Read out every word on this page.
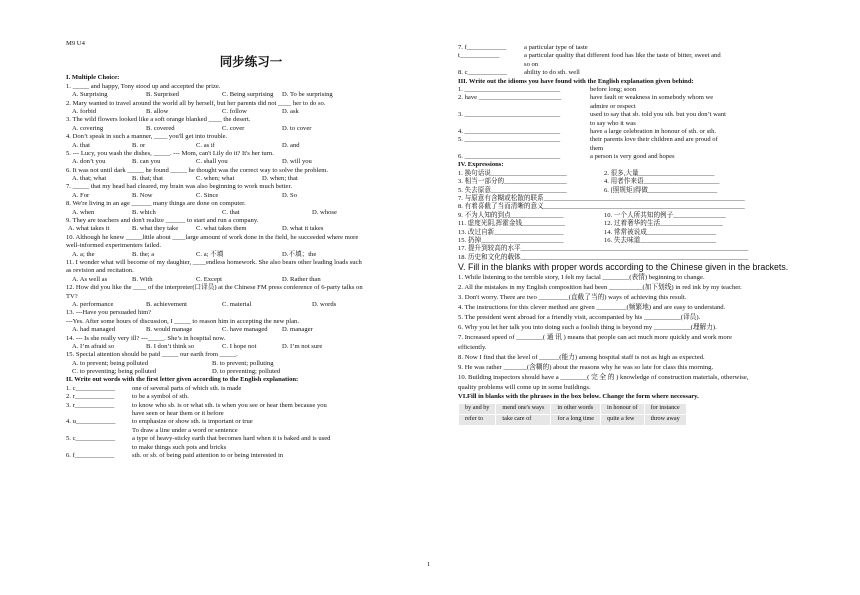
M9 U4
同步练习一
I. Multiple Choice:
1. _____ and happy, Tony stood up and accepted the prize.
A. Surprising	B. Surprised	C. Being surprising D. To be surprising
2. Mary wanted to travel around the world all by herself, but her parents did not ____ her to do so.
A. forbid	B. allow	C. follow	D. ask
3. The wild flowers looked like a soft orange blanked ____ the desert.
A. covering	B. covered	C. cover	D. to cover
4. Don’t speak in such a manner, ____ you'll get into trouble.
A. that	B. or	C. as if	D. and
5. --- Lucy, you wash the dishes, _____. --- Mom, can't Lily do it? It's her turn.
A. don’t you	B. can you	C. shall you	D. will you
6. It was not until dark _____ he found _____ he thought was the correct way to solve the problem.
A. that; what	B. that; that	C. when; what	D. when; that
7. _____ that my head had cleared, my brain was also beginning to work much better.
A. For	B. Now	C. Since	D. So
8. We're living in an age ______ many things are done on computer.
A. when	B. which	C. that	D. whose
9. They are teachers and don't realize ______ to start and run a company.
A. what takes it	B. what they take	C. what takes them	D. what it takes
10. Although he knew _____little about ____large amount of work done in the field, he succeeded where more
well-informed experimenters failed.
A. a; the	B. the; a	C. a; 不填	D.不填；the
11. I wonder what will become of my daughter, ____endless homework. She also bears other leading loads such
as revision and recitation.
A. As well as	B. With	C. Except	D. Rather than
12. How did you like the ____ of the interpreter(口译员) at the Chinese FM press conference of 6-party talks on
TV?
A. performance	B. achievement	C. material	D. words
13. ---Have you persuaded him?
---Yes. After some hours of discussion, I _____ to reason him in accepting the new plan.
A. had managed	B. would manage	C. have managed D. manager
14. --- Is she really very ill? ---_____. She’s in hospital now.
A. I’m afraid so	B. I don’t think so	C. I hope not	D. I’m not sure
15. Special attention should be paid _____ our earth from _____.
A. to prevent; being polluted	B. to prevent; polluting
C. to preventing; being polluted	D. to preventing; polluted
II. Write out words with the first letter given according to the English explanation:
1. c____________	one of several parts of which sth. is made
2. r____________	to be a symbol of sth.
3. r____________	to know who sb. is or what sth. is when you see or hear them because you
have seen or hear them or it before
4. u____________	to emphasize or show sth. is important or true
To draw a line under a word or sentence
5. c____________	a type of heavy-sticky earth that becomes hard when it is baked and is used
to make things such pots and bricks
6. f____________	sth. or sb. of being paid attention to or being interested in
7. f____________	a particular type of taste
t____________	a particular quality that different food has like the taste of bitter, sweet and
so on
8. c____________	ability to do sth. well
III. Write out the idioms you have found with the English explanation given behind:
1. _____________________________	before long; soon
2. have _________________________	have fault or weakness in somebody whom we
admire or respect
3. _____________________________	used to say that sb. told you sth. but you don’t want
to say who it was
4. _____________________________	have a large celebration in honour of sth. or sth.
5. _____________________________	their parents love their children and are proud of
them
6. _____________________________	a person is very good and hopes
IV. Expressions:
1. 换句话说_______________________	2. 很多,大量_______________________
3. 相当一部分的___________________	4. 用者作来语_______________________
5. 失去原意_______________________	6. [照规矩]得做_____________________
7. 与原意有含糊或松散的联系_____________________________________________________________
8. 有着喜截了当而清晰的意义_____________________________________________________________
9. 不为人知的到点________________	10. 一个人所共知的例子________________
11. 虚度光阴,挥霍金钱_____________	12. 过着奢华的生活___________________
13. 改过自新_____________________	14. 常常被说成_____________________
15. 扔掉_________________________	16. 失去味道_______________________
17. 提升到较高的水平_____________________________________________________________________
18. 历史和文化的载体_____________________________________________________________________
V. Fill in the blanks with proper words according to the Chinese given in the brackets.
1. While listening to the terrible story, I felt my facial ________(表情) beginning to change.
2. All the mistakes in my English composition had been __________(加下划线) in red ink by my teacher.
3. Don't worry. There are two _________(直截了当的) ways of achieving this result.
4. The instructions for this clever method are given _________(频繁地) and are easy to understand.
5. The president went abroad for a friendly visit, accompanied by his ___________(译员).
6. Why you let her talk you into doing such a foolish thing is beyond my ___________(理解力).
7. Increased speed of ________( 通 讯 ) means that people can act much more quickly and work more
efficiently.
8. Now I find that the level of ______(能力) among hospital staff is not as high as expected.
9. He was rather _______(含糊的) about the reasons why he was so late for class this morning.
10. Building inspectors should have a ________( 完 全 的 ) knowledge of construction materials, otherwise,
quality problems will come up in some buildings.
VI.Fill in blanks with the phrases in the box below. Change the form where necessary.
by and by	mend one's ways	in other words	in honour of	for instance
refer to	take care of	for a long time	quite a few	throw away
1
